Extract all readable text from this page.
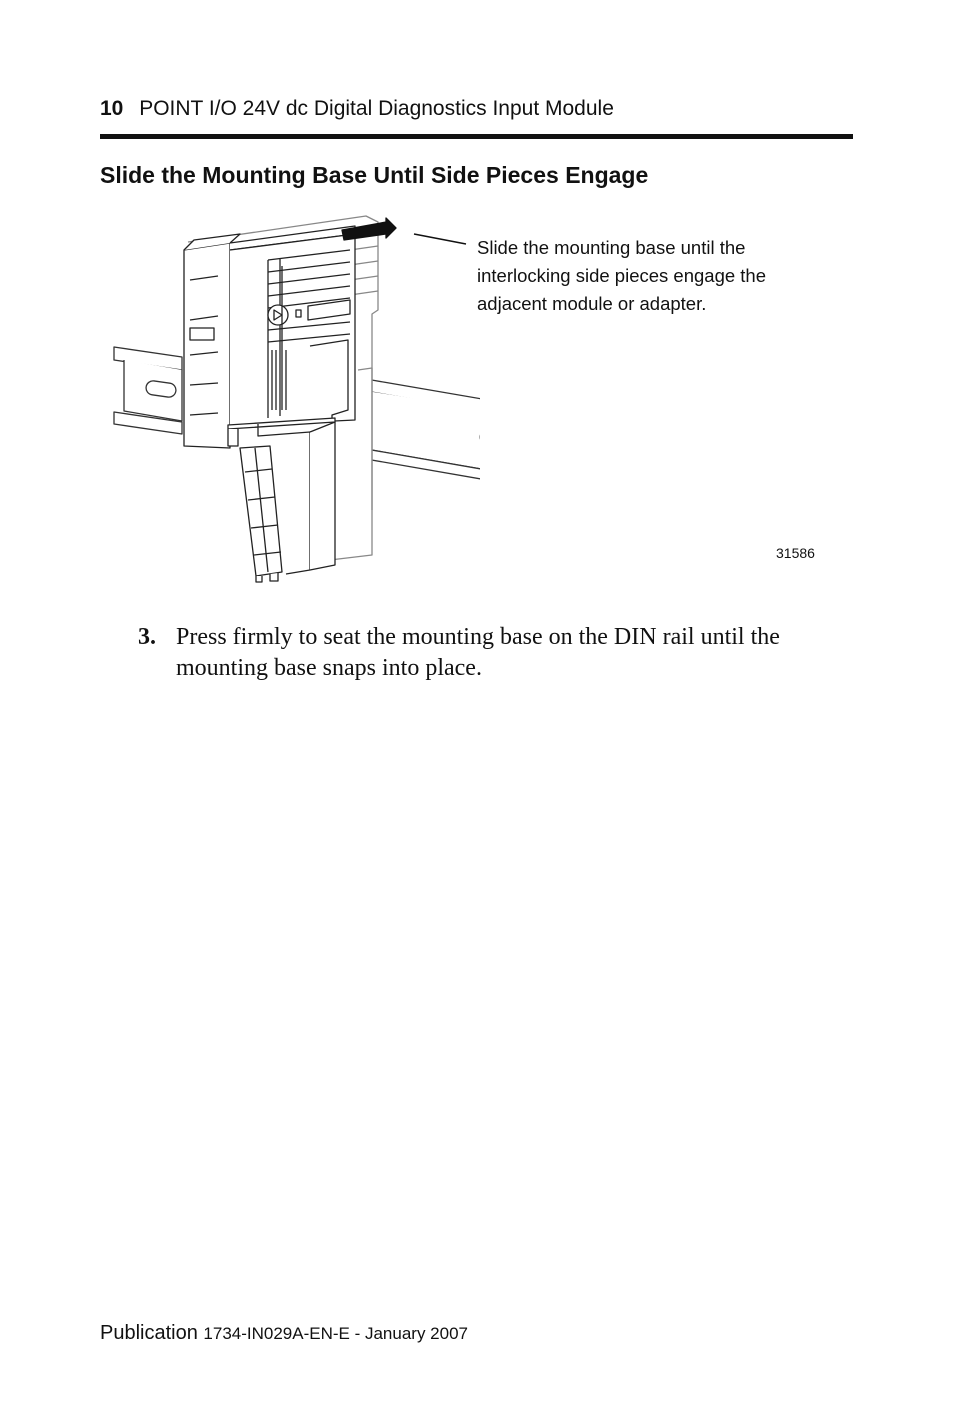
10 POINT I/O 24V dc Digital Diagnostics Input Module
Slide the Mounting Base Until Side Pieces Engage
Slide the mounting base until the interlocking side pieces engage the adjacent module or adapter.
31586
3. Press firmly to seat the mounting base on the DIN rail until the mounting base snaps into place.
Publication 1734-IN029A-EN-E - January 2007
